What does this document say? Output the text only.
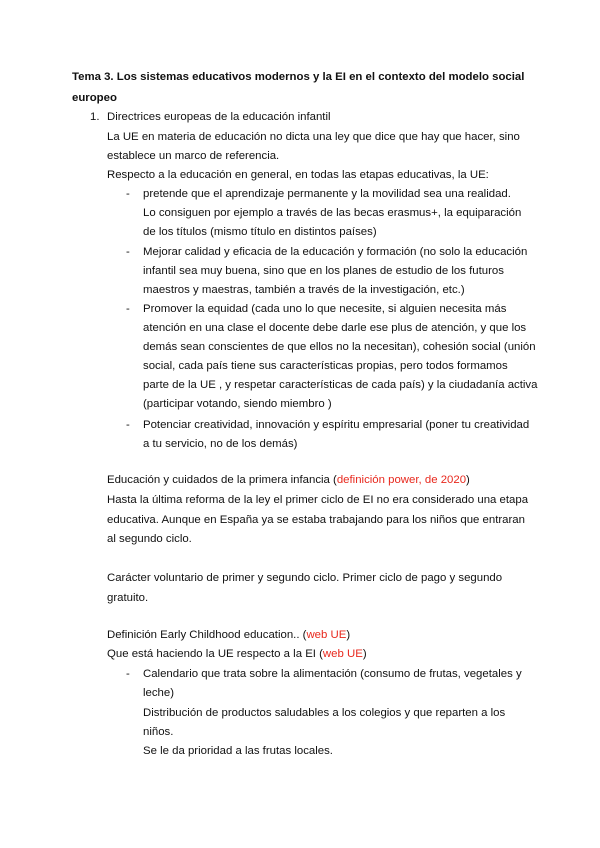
Tema 3. Los sistemas educativos modernos y la EI en el contexto del modelo social
europeo
1. Directrices europeas de la educación infantil
La UE en materia de educación no dicta una ley que dice que hay que hacer, sino
establece un marco de referencia.
Respecto a la educación en general, en todas las etapas educativas, la UE:
- pretende que el aprendizaje permanente y la movilidad sea una realidad.
Lo consiguen por ejemplo a través de las becas erasmus+, la equiparación
de los títulos (mismo título en distintos países)
- Mejorar calidad y eficacia de la educación y formación (no solo la educación
infantil sea muy buena, sino que en los planes de estudio de los futuros
maestros y maestras, también a través de la investigación, etc.)
- Promover la equidad (cada uno lo que necesite, si alguien necesita más
atención en una clase el docente debe darle ese plus de atención, y que los
demás sean conscientes de que ellos no la necesitan), cohesión social (unión
social, cada país tiene sus características propias, pero todos formamos
parte de la UE , y respetar características de cada país) y la ciudadanía activa
(participar votando, siendo miembro )
- Potenciar creatividad, innovación y espíritu empresarial (poner tu creatividad
a tu servicio, no de los demás)
Educación y cuidados de la primera infancia (definición power, de 2020)
Hasta la última reforma de la ley el primer ciclo de EI no era considerado una etapa
educativa. Aunque en España ya se estaba trabajando para los niños que entraran
al segundo ciclo.
Carácter voluntario de primer y segundo ciclo. Primer ciclo de pago y segundo
gratuito.
Definición Early Childhood education.. (web UE)
Que está haciendo la UE respecto a la EI (web UE)
- Calendario que trata sobre la alimentación (consumo de frutas, vegetales y
leche)
Distribución de productos saludables a los colegios y que reparten a los
niños.
Se le da prioridad a las frutas locales.
